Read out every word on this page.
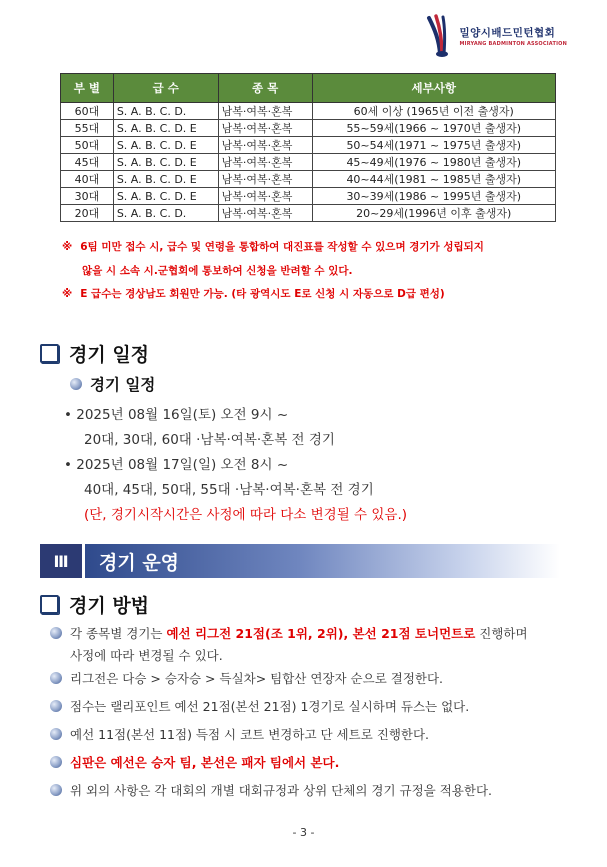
밀양시배드민턴협회
MIRYANG BADMINTON ASSOCIATION
부 별	급 수	종 목	세부사항
60대	S. A. B. C. D.	남복·여복·혼복	60세 이상 (1965년 이전 출생자)
55대	S. A. B. C. D. E	남복·여복·혼복	55~59세(1966 ~ 1970년 출생자)
50대	S. A. B. C. D. E	남복·여복·혼복	50~54세(1971 ~ 1975년 출생자)
45대	S. A. B. C. D. E	남복·여복·혼복	45~49세(1976 ~ 1980년 출생자)
40대	S. A. B. C. D. E	남복·여복·혼복	40~44세(1981 ~ 1985년 출생자)
30대	S. A. B. C. D. E	남복·여복·혼복	30~39세(1986 ~ 1995년 출생자)
20대	S. A. B. C. D.	남복·여복·혼복	20~29세(1996년 이후 출생자)
※ 6팀 미만 접수 시, 급수 및 연령을 통합하여 대진표를 작성할 수 있으며 경기가 성립되지
않을 시 소속 시.군협회에 통보하여 신청을 반려할 수 있다.
※ E 급수는 경상남도 회원만 가능. (타 광역시도 E로 신청 시 자동으로 D급 편성)
경기 일정
경기 일정
• 2025년 08월 16일(토) 오전 9시 ~
20대, 30대, 60대 ·남복·여복·혼복 전 경기
• 2025년 08월 17일(일) 오전 8시 ~
40대, 45대, 50대, 55대 ·남복·여복·혼복 전 경기
(단, 경기시작시간은 사정에 따라 다소 변경될 수 있음.)
Ⅲ	경기 운영
경기 방법
각 종목별 경기는 예선 리그전 21점(조 1위, 2위), 본선 21점 토너먼트로 진행하며
사정에 따라 변경될 수 있다.
리그전은 다승 > 승자승 > 득실차> 팀합산 연장자 순으로 결정한다.
점수는 랠리포인트 예선 21점(본선 21점) 1경기로 실시하며 듀스는 없다.
예선 11점(본선 11점) 득점 시 코트 변경하고 단 세트로 진행한다.
심판은 예선은 승자 팀, 본선은 패자 팀에서 본다.
위 외의 사항은 각 대회의 개별 대회규정과 상위 단체의 경기 규정을 적용한다.
- 3 -
